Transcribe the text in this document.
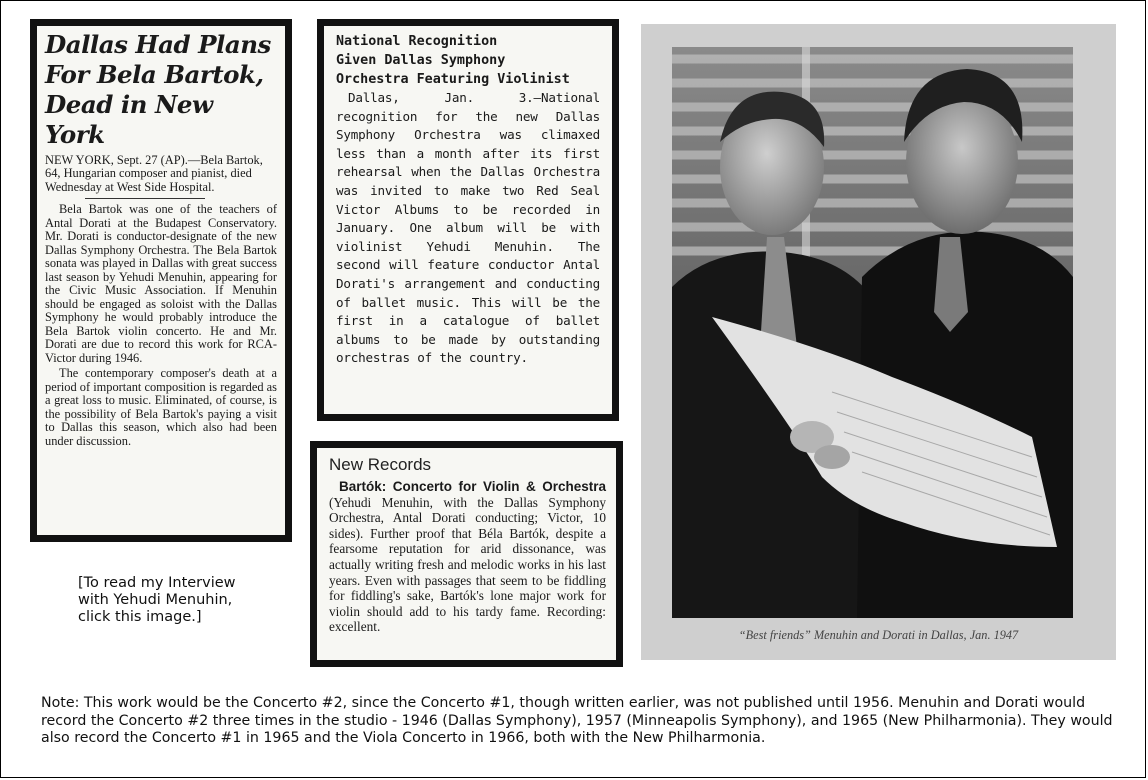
Dallas Had Plans
For Bela Bartok,
Dead in New York

NEW YORK, Sept. 27 (AP).—Bela Bartok, 64, Hungarian composer and pianist, died Wednesday at West Side Hospital.

Bela Bartok was one of the teachers of Antal Dorati at the Budapest Conservatory. Mr. Dorati is conductor-designate of the new Dallas Symphony Orchestra. The Bela Bartok sonata was played in Dallas with great success last season by Yehudi Menuhin, appearing for the Civic Music Association. If Menuhin should be engaged as soloist with the Dallas Symphony he would probably introduce the Bela Bartok violin concerto. He and Mr. Dorati are due to record this work for RCA-Victor during 1946.

The contemporary composer's death at a period of important composition is regarded as a great loss to music. Eliminated, of course, is the possibility of Bela Bartok's paying a visit to Dallas this season, which also had been under discussion.

National Recognition
Given Dallas Symphony
Orchestra Featuring Violinist

Dallas, Jan. 3.—National recognition for the new Dallas Symphony Orchestra was climaxed less than a month after its first rehearsal when the Dallas Orchestra was invited to make two Red Seal Victor Albums to be recorded in January. One album will be with violinist Yehudi Menuhin. The second will feature conductor Antal Dorati's arrangement and conducting of ballet music. This will be the first in a catalogue of ballet albums to be made by outstanding orchestras of the country.

New Records

Bartók: Concerto for Violin & Orchestra (Yehudi Menuhin, with the Dallas Symphony Orchestra, Antal Dorati conducting; Victor, 10 sides). Further proof that Béla Bartók, despite a fearsome reputation for arid dissonance, was actually writing fresh and melodic works in his last years. Even with passages that seem to be fiddling for fiddling's sake, Bartók's lone major work for violin should add to his tardy fame. Recording: excellent.

[To read my Interview
with Yehudi Menuhin,
click this image.]
“Best friends” Menuhin and Dorati in Dallas, Jan. 1947
Note: This work would be the Concerto #2, since the Concerto #1, though written earlier, was not published until 1956. Menuhin and Dorati would record the Concerto #2 three times in the studio - 1946 (Dallas Symphony), 1957 (Minneapolis Symphony), and 1965 (New Philharmonia). They would also record the Concerto #1 in 1965 and the Viola Concerto in 1966, both with the New Philharmonia.
